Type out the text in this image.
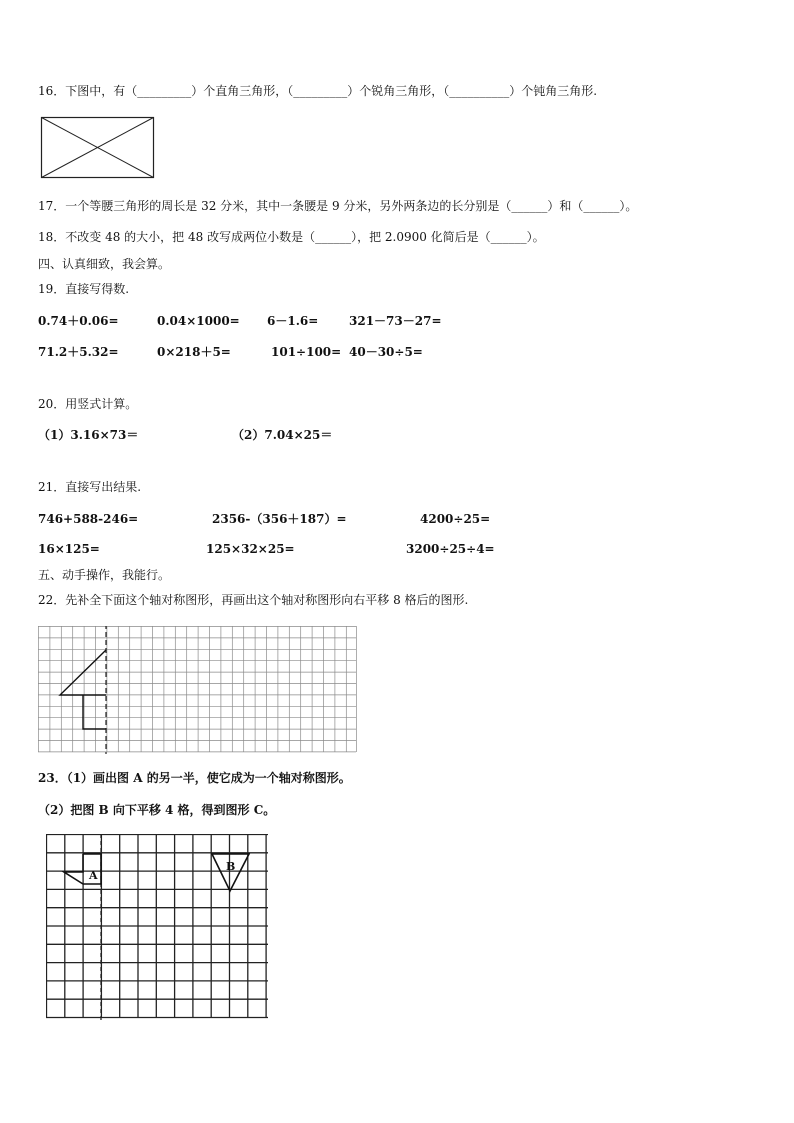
16．下图中，有（_________）个直角三角形，（_________）个锐角三角形，（__________）个钝角三角形.
17．一个等腰三角形的周长是 32 分米，其中一条腰是 9 分米，另外两条边的长分别是（______）和（______）。
18．不改变 48 的大小，把 48 改写成两位小数是（______），把 2.0900 化简后是（______）。
四、认真细致，我会算。
19．直接写得数.
0.74＋0.06=	0.04×1000= 6－1.6=	321－73－27=
71.2＋5.32=	0×218＋5=	101÷100= 40－30÷5=
20．用竖式计算。
（1）3.16×73＝	（2）7.04×25＝
21．直接写出结果.
746+588-246=	2356-（356＋187）=	4200÷25=
16×125=	125×32×25=	3200÷25÷4=
五、动手操作，我能行。
22．先补全下面这个轴对称图形，再画出这个轴对称图形向右平移 8 格后的图形.
23．（1）画出图 A 的另一半，使它成为一个轴对称图形。
（2）把图 B 向下平移 4 格，得到图形 C。
A
B
